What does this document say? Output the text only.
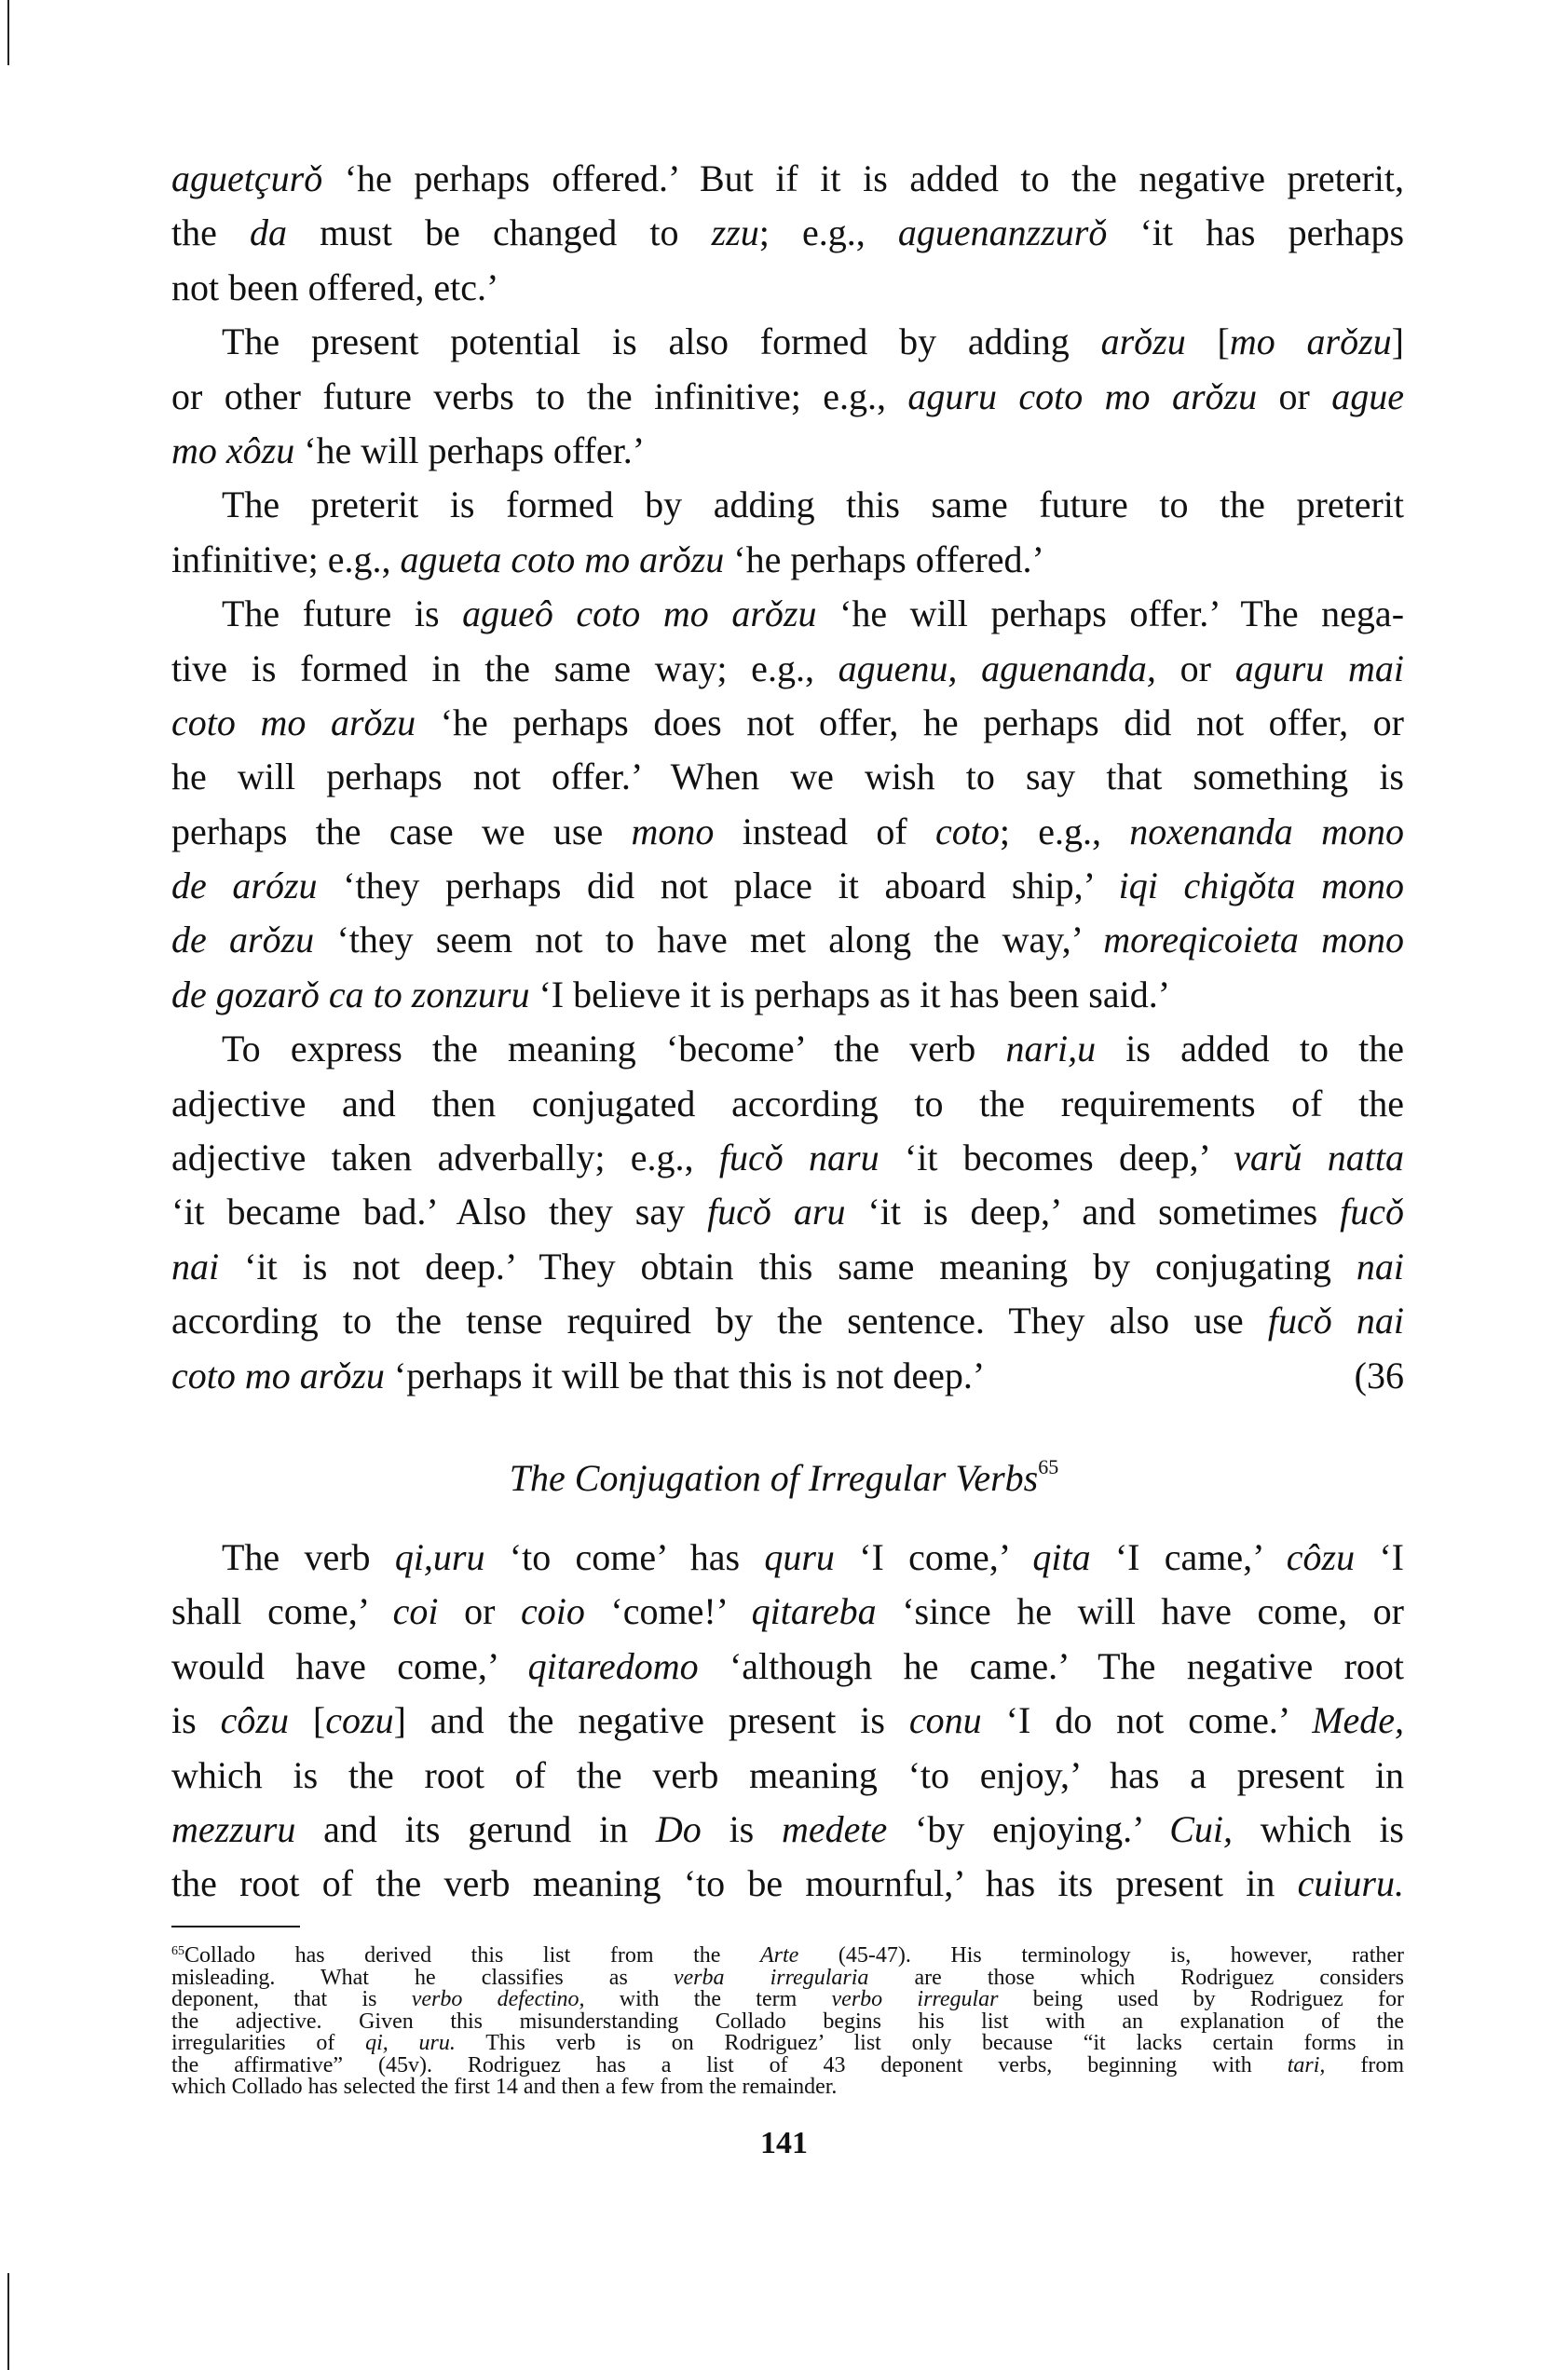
aguetçurǒ ‘he perhaps offered.’ But if it is added to the negative preterit,
the da must be changed to zzu; e.g., aguenanzzurǒ ‘it has perhaps
not been offered, etc.’
The present potential is also formed by adding arǒzu [mo arǒzu]
or other future verbs to the infinitive; e.g., aguru coto mo arǒzu or ague
mo xôzu ‘he will perhaps offer.’
The preterit is formed by adding this same future to the preterit
infinitive; e.g., agueta coto mo arǒzu ‘he perhaps offered.’
The future is agueô coto mo arǒzu ‘he will perhaps offer.’ The nega-
tive is formed in the same way; e.g., aguenu, aguenanda, or aguru mai
coto mo arǒzu ‘he perhaps does not offer, he perhaps did not offer, or
he will perhaps not offer.’ When we wish to say that something is
perhaps the case we use mono instead of coto; e.g., noxenanda mono
de arózu ‘they perhaps did not place it aboard ship,’ iqi chigǒta mono
de arǒzu ‘they seem not to have met along the way,’ moreqicoieta mono
de gozarǒ ca to zonzuru ‘I believe it is perhaps as it has been said.’
To express the meaning ‘become’ the verb nari,u is added to the
adjective and then conjugated according to the requirements of the
adjective taken adverbally; e.g., fucǒ naru ‘it becomes deep,’ varǔ natta
‘it became bad.’ Also they say fucǒ aru ‘it is deep,’ and sometimes fucǒ
nai ‘it is not deep.’ They obtain this same meaning by conjugating nai
according to the tense required by the sentence. They also use fucǒ nai
coto mo arǒzu ‘perhaps it will be that this is not deep.’	(36
The Conjugation of Irregular Verbs$^{65}$
The verb qi,uru ‘to come’ has quru ‘I come,’ qita ‘I came,’ côzu ‘I
shall come,’ coi or coio ‘come!’ qitareba ‘since he will have come, or
would have come,’ qitaredomo ‘although he came.’ The negative root
is côzu [cozu] and the negative present is conu ‘I do not come.’ Mede,
which is the root of the verb meaning ‘to enjoy,’ has a present in
mezzuru and its gerund in Do is medete ‘by enjoying.’ Cui, which is
the root of the verb meaning ‘to be mournful,’ has its present in cuiuru.
$^{65}$Collado has derived this list from the Arte (45-47). His terminology is, however, rather
misleading. What he classifies as verba irregularia are those which Rodriguez considers
deponent, that is verbo defectino, with the term verbo irregular being used by Rodriguez for
the adjective. Given this misunderstanding Collado begins his list with an explanation of the
irregularities of qi, uru. This verb is on Rodriguez’ list only because “it lacks certain forms in
the affirmative” (45v). Rodriguez has a list of 43 deponent verbs, beginning with tari, from
which Collado has selected the first 14 and then a few from the remainder.
141
